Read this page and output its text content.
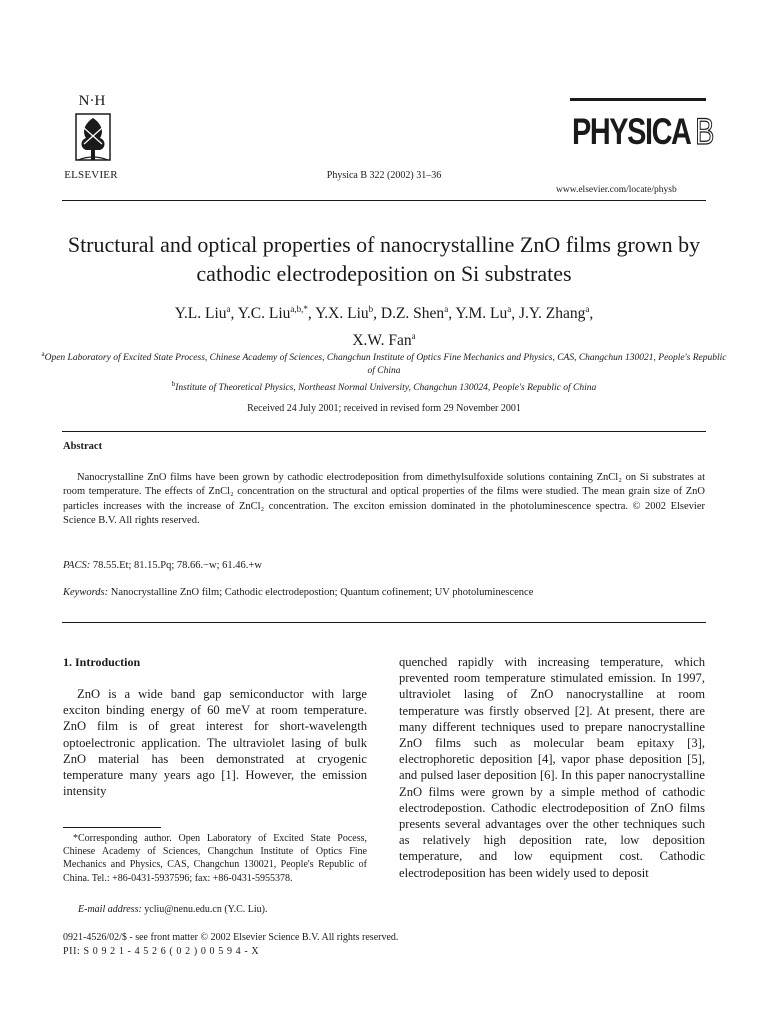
N·H
ELSEVIER	Physica B 322 (2002) 31–36
PHYSICA B
www.elsevier.com/locate/physb
Structural and optical properties of nanocrystalline ZnO films grown by cathodic electrodeposition on Si substrates
Y.L. Liu$^a$, Y.C. Liu$^{a,b,*}$, Y.X. Liu$^b$, D.Z. Shen$^a$, Y.M. Lu$^a$, J.Y. Zhang$^a$,
X.W. Fan$^a$
$^a$Open Laboratory of Excited State Process, Chinese Academy of Sciences, Changchun Institute of Optics Fine Mechanics and Physics, CAS, Changchun 130021, People's Republic of China
$^b$Institute of Theoretical Physics, Northeast Normal University, Changchun 130024, People's Republic of China
Received 24 July 2001; received in revised form 29 November 2001
Abstract
Nanocrystalline ZnO films have been grown by cathodic electrodeposition from dimethylsulfoxide solutions containing ZnCl₂ on Si substrates at room temperature. The effects of ZnCl₂ concentration on the structural and optical properties of the films were studied. The mean grain size of ZnO particles increases with the increase of ZnCl₂ concentration. The exciton emission dominated in the photoluminescence spectra. © 2002 Elsevier Science B.V. All rights reserved.
PACS: 78.55.Et; 81.15.Pq; 78.66.−w; 61.46.+w
Keywords: Nanocrystalline ZnO film; Cathodic electrodepostion; Quantum cofinement; UV photoluminescence
1. Introduction
ZnO is a wide band gap semiconductor with large exciton binding energy of 60 meV at room temperature. ZnO film is of great interest for short-wavelength optoelectronic application. The ultraviolet lasing of bulk ZnO material has been demonstrated at cryogenic temperature many years ago [1]. However, the emission intensity
quenched rapidly with increasing temperature, which prevented room temperature stimulated emission. In 1997, ultraviolet lasing of ZnO nanocrystalline at room temperature was firstly observed [2]. At present, there are many different techniques used to prepare nanocrystalline ZnO films such as molecular beam epitaxy [3], electrophoretic deposition [4], vapor phase deposition [5], and pulsed laser deposition [6]. In this paper nanocrystalline ZnO films were grown by a simple method of cathodic electrodepostion. Cathodic electrodeposition of ZnO films presents several advantages over the other techniques such as relatively high deposition rate, low deposition temperature, and low equipment cost. Cathodic electrodeposition has been widely used to deposit
*Corresponding author. Open Laboratory of Excited State Pocess, Chinese Academy of Sciences, Changchun Institute of Optics Fine Mechanics and Physics, CAS, Changchun 130021, People's Republic of China. Tel.: +86-0431-5937596; fax: +86-0431-5955378.
E-mail address: ycliu@nenu.edu.cn (Y.C. Liu).
0921-4526/02/$ - see front matter © 2002 Elsevier Science B.V. All rights reserved.
PII: S 0 9 2 1 - 4 5 2 6 ( 0 2 ) 0 0 5 9 4 - X
